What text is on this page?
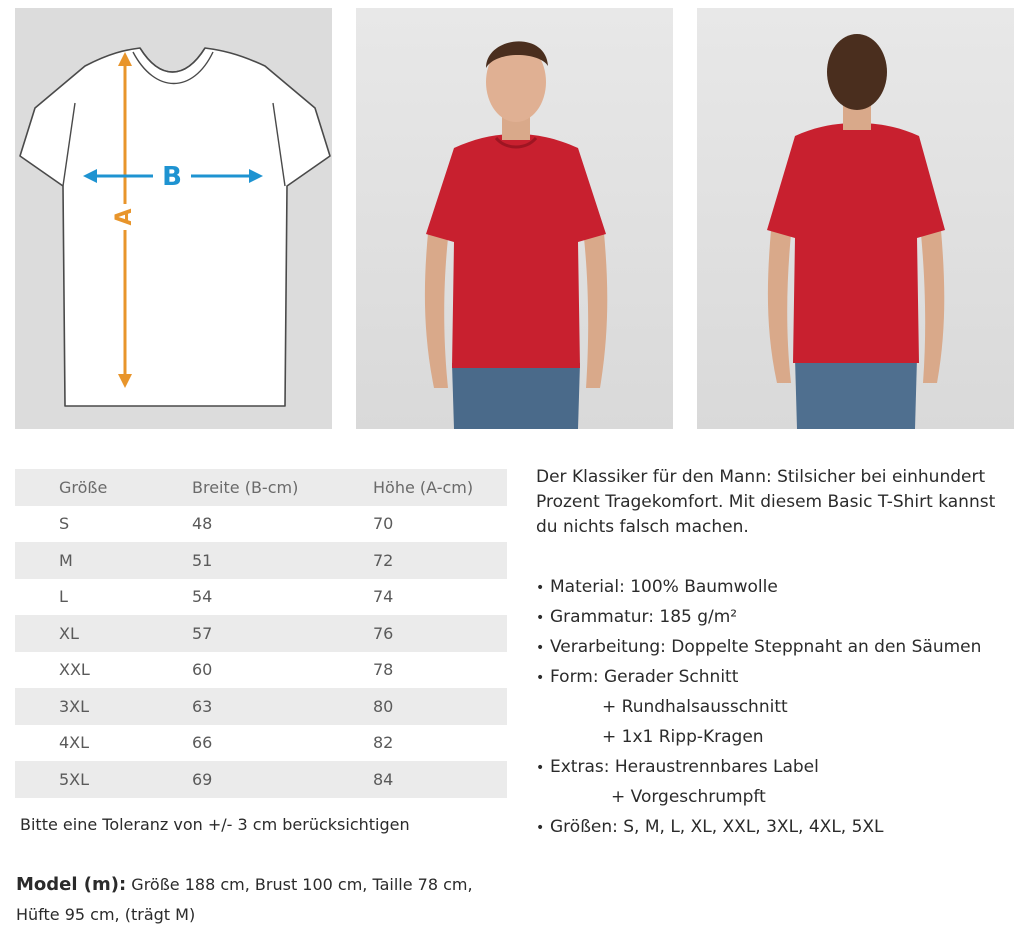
A
B
Größe	Breite (B-cm)	Höhe (A-cm)
S	48	70
M	51	72
L	54	74
XL	57	76
XXL	60	78
3XL	63	80
4XL	66	82
5XL	69	84
Bitte eine Toleranz von +/- 3 cm berücksichtigen
Model (m): Größe 188 cm, Brust 100 cm, Taille 78 cm,
Hüfte 95 cm, (trägt M)
Der Klassiker für den Mann: Stilsicher bei einhundert Prozent Tragekomfort. Mit diesem Basic T-Shirt kannst du nichts falsch machen.
• Material: 100% Baumwolle
• Grammatur: 185 g/m²
• Verarbeitung: Doppelte Steppnaht an den Säumen
• Form: Gerader Schnitt
+ Rundhalsausschnitt
+ 1x1 Ripp-Kragen
• Extras: Heraustrennbares Label
+ Vorgeschrumpft
• Größen: S, M, L, XL, XXL, 3XL, 4XL, 5XL
